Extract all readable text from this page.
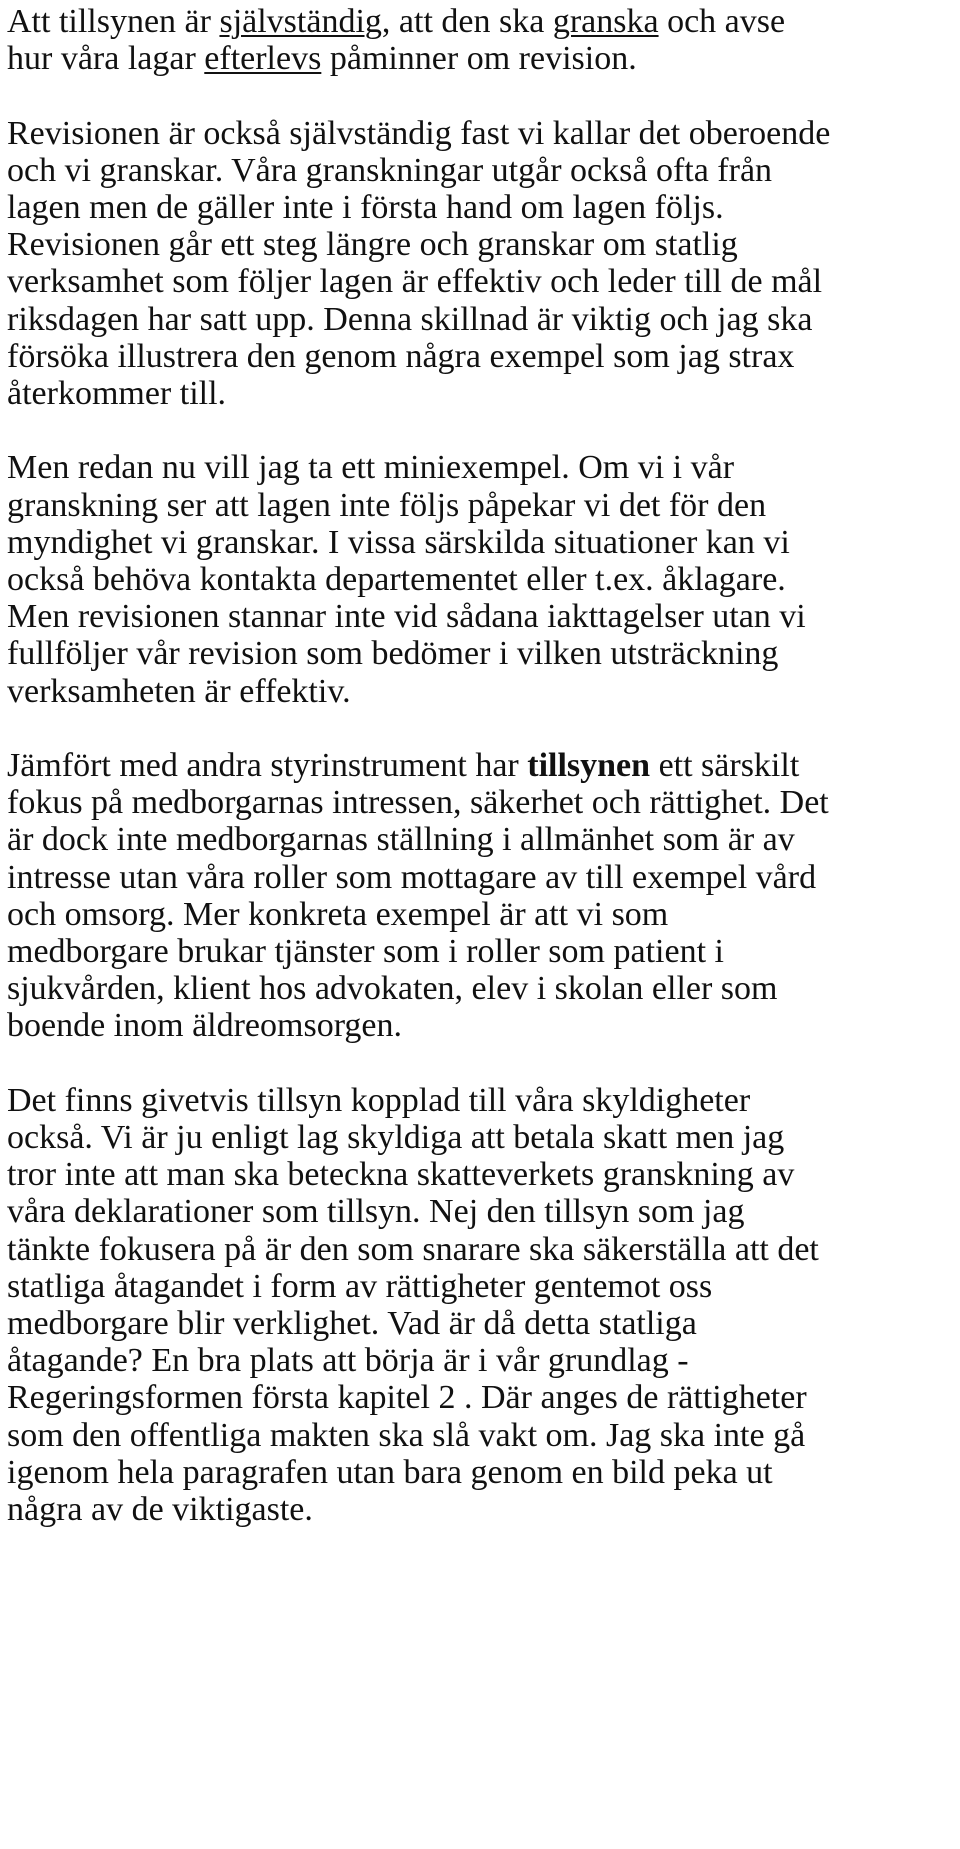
Att tillsynen är självständig, att den ska granska och avse
hur våra lagar efterlevs påminner om revision.
Revisionen är också självständig fast vi kallar det oberoende
och vi granskar. Våra granskningar utgår också ofta från
lagen men de gäller inte i första hand om lagen följs.
Revisionen går ett steg längre och granskar om statlig
verksamhet som följer lagen är effektiv och leder till de mål
riksdagen har satt upp. Denna skillnad är viktig och jag ska
försöka illustrera den genom några exempel som jag strax
återkommer till.
Men redan nu vill jag ta ett miniexempel. Om vi i vår
granskning ser att lagen inte följs påpekar vi det för den
myndighet vi granskar. I vissa särskilda situationer kan vi
också behöva kontakta departementet eller t.ex. åklagare.
Men revisionen stannar inte vid sådana iakttagelser utan vi
fullföljer vår revision som bedömer i vilken utsträckning
verksamheten är effektiv.
Jämfört med andra styrinstrument har tillsynen ett särskilt
fokus på medborgarnas intressen, säkerhet och rättighet. Det
är dock inte medborgarnas ställning i allmänhet som är av
intresse utan våra roller som mottagare av till exempel vård
och omsorg. Mer konkreta exempel är att vi som
medborgare brukar tjänster som i roller som patient i
sjukvården, klient hos advokaten, elev i skolan eller som
boende inom äldreomsorgen.
Det finns givetvis tillsyn kopplad till våra skyldigheter
också. Vi är ju enligt lag skyldiga att betala skatt men jag
tror inte att man ska beteckna skatteverkets granskning av
våra deklarationer som tillsyn. Nej den tillsyn som jag
tänkte fokusera på är den som snarare ska säkerställa att det
statliga åtagandet i form av rättigheter gentemot oss
medborgare blir verklighet. Vad är då detta statliga
åtagande? En bra plats att börja är i vår grundlag -
Regeringsformen första kapitel 2 . Där anges de rättigheter
som den offentliga makten ska slå vakt om. Jag ska inte gå
igenom hela paragrafen utan bara genom en bild peka ut
några av de viktigaste.
